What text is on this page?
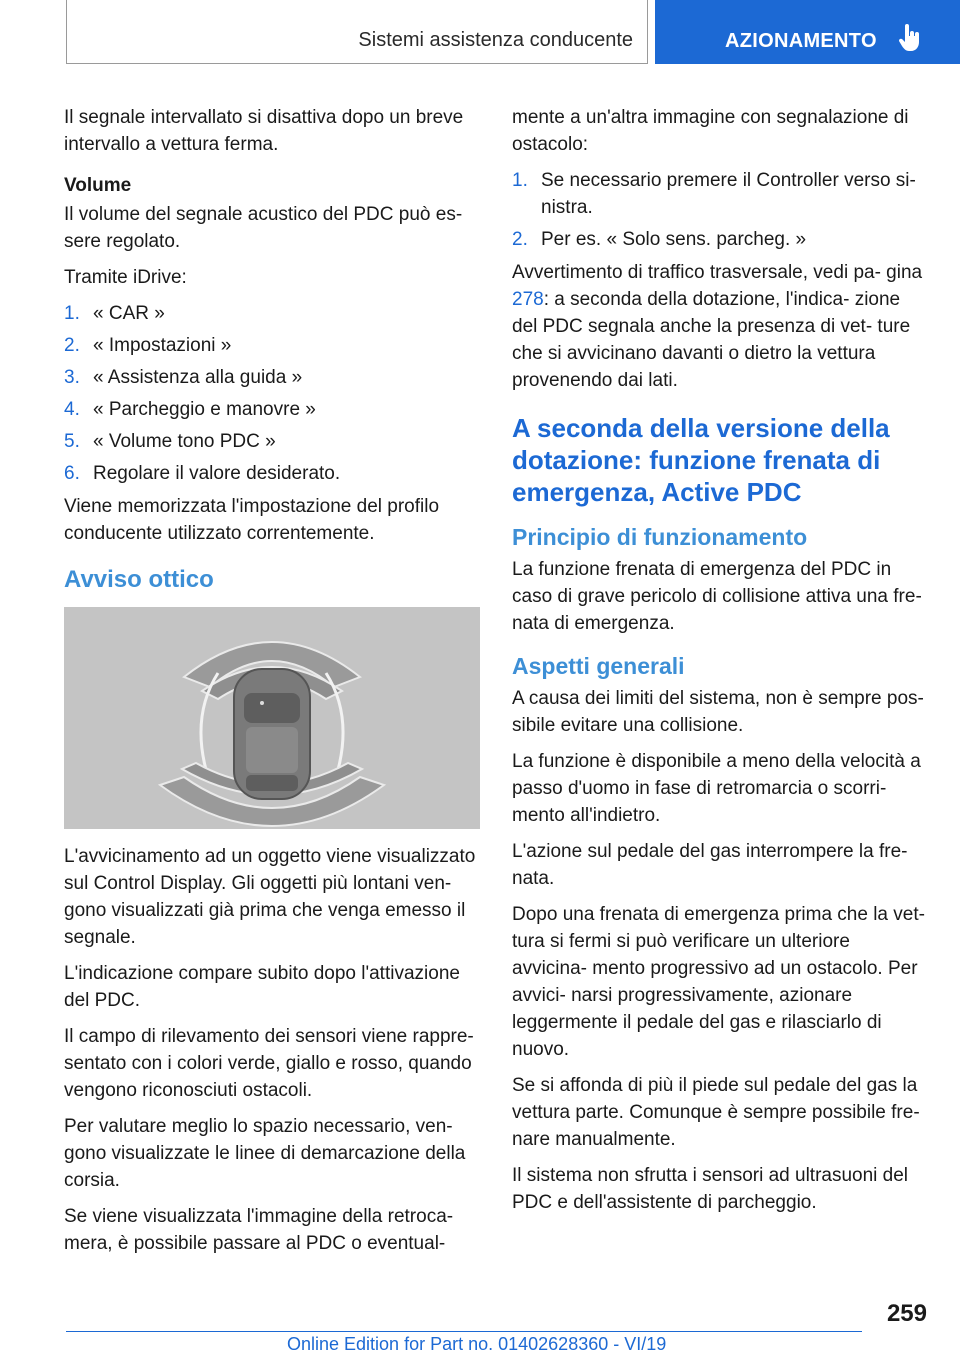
Sistemi assistenza conducente	AZIONAMENTO

Il segnale intervallato si disattiva dopo un breve intervallo a vettura ferma.

Volume

Il volume del segnale acustico del PDC può es- sere regolato.

Tramite iDrive:

1. « CAR »
2. « Impostazioni »
3. « Assistenza alla guida »
4. « Parcheggio e manovre »
5. « Volume tono PDC »
6. Regolare il valore desiderato.

Viene memorizzata l'impostazione del profilo conducente utilizzato correntemente.

Avviso ottico

L'avvicinamento ad un oggetto viene visualizzato sul Control Display. Gli oggetti più lontani ven- gono visualizzati già prima che venga emesso il segnale.

L'indicazione compare subito dopo l'attivazione del PDC.

Il campo di rilevamento dei sensori viene rappre- sentato con i colori verde, giallo e rosso, quando vengono riconosciuti ostacoli.

Per valutare meglio lo spazio necessario, ven- gono visualizzate le linee di demarcazione della corsia.

Se viene visualizzata l'immagine della retroca- mera, è possibile passare al PDC o eventual-

mente a un'altra immagine con segnalazione di ostacolo:

1. Se necessario premere il Controller verso si- nistra.
2. Per es. « Solo sens. parcheg. »

Avvertimento di traffico trasversale, vedi pa- gina 278: a seconda della dotazione, l'indica- zione del PDC segnala anche la presenza di vet- ture che si avvicinano davanti o dietro la vettura provenendo dai lati.

A seconda della versione della dotazione: funzione frenata di emergenza, Active PDC
Principio di funzionamento

La funzione frenata di emergenza del PDC in caso di grave pericolo di collisione attiva una fre- nata di emergenza.

Aspetti generali

A causa dei limiti del sistema, non è sempre pos- sibile evitare una collisione.

La funzione è disponibile a meno della velocità a passo d'uomo in fase di retromarcia o scorri- mento all'indietro.

L'azione sul pedale del gas interrompere la fre- nata.

Dopo una frenata di emergenza prima che la vet- tura si fermi si può verificare un ulteriore avvicina- mento progressivo ad un ostacolo. Per avvici- narsi progressivamente, azionare leggermente il pedale del gas e rilasciarlo di nuovo.

Se si affonda di più il piede sul pedale del gas la vettura parte. Comunque è sempre possibile fre- nare manualmente.

Il sistema non sfrutta i sensori ad ultrasuoni del PDC e dell'assistente di parcheggio.

259
Online Edition for Part no. 01402628360 - VI/19
